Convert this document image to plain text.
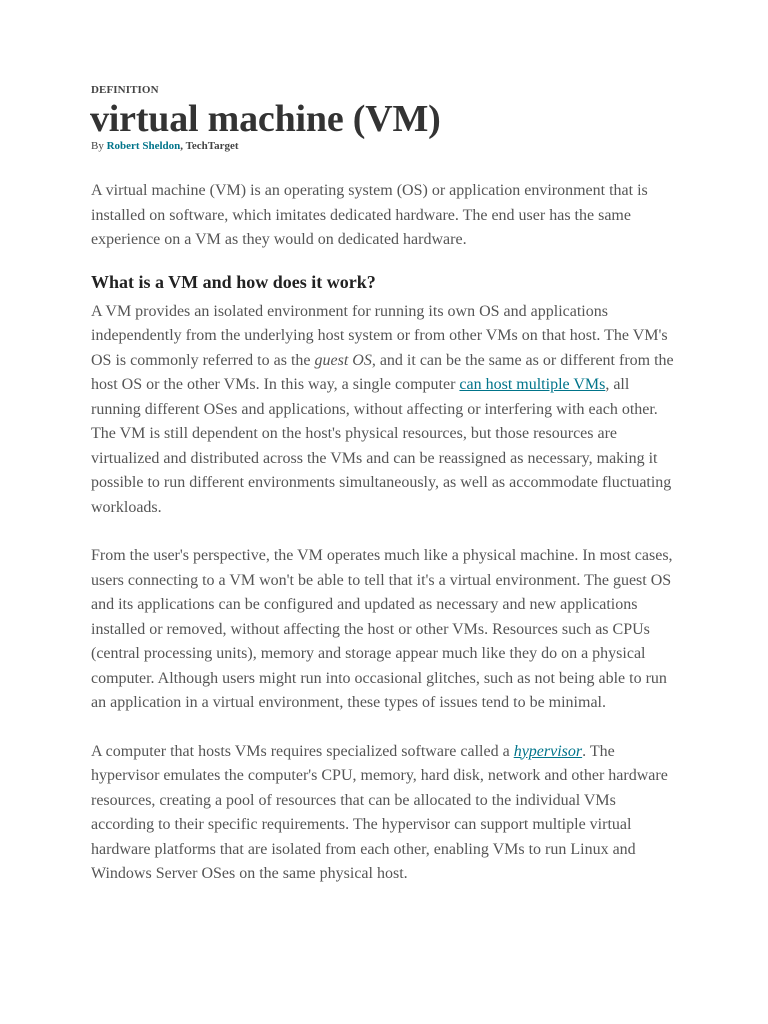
DEFINITION

virtual machine (VM)

By Robert Sheldon, TechTarget

A virtual machine (VM) is an operating system (OS) or application environment that is installed on software, which imitates dedicated hardware. The end user has the same experience on a VM as they would on dedicated hardware.

What is a VM and how does it work?

A VM provides an isolated environment for running its own OS and applications independently from the underlying host system or from other VMs on that host. The VM's OS is commonly referred to as the guest OS, and it can be the same as or different from the host OS or the other VMs. In this way, a single computer can host multiple VMs, all running different OSes and applications, without affecting or interfering with each other. The VM is still dependent on the host's physical resources, but those resources are virtualized and distributed across the VMs and can be reassigned as necessary, making it possible to run different environments simultaneously, as well as accommodate fluctuating workloads.

From the user's perspective, the VM operates much like a physical machine. In most cases, users connecting to a VM won't be able to tell that it's a virtual environment. The guest OS and its applications can be configured and updated as necessary and new applications installed or removed, without affecting the host or other VMs. Resources such as CPUs (central processing units), memory and storage appear much like they do on a physical computer. Although users might run into occasional glitches, such as not being able to run an application in a virtual environment, these types of issues tend to be minimal.

A computer that hosts VMs requires specialized software called a hypervisor. The hypervisor emulates the computer's CPU, memory, hard disk, network and other hardware resources, creating a pool of resources that can be allocated to the individual VMs according to their specific requirements. The hypervisor can support multiple virtual hardware platforms that are isolated from each other, enabling VMs to run Linux and Windows Server OSes on the same physical host.
